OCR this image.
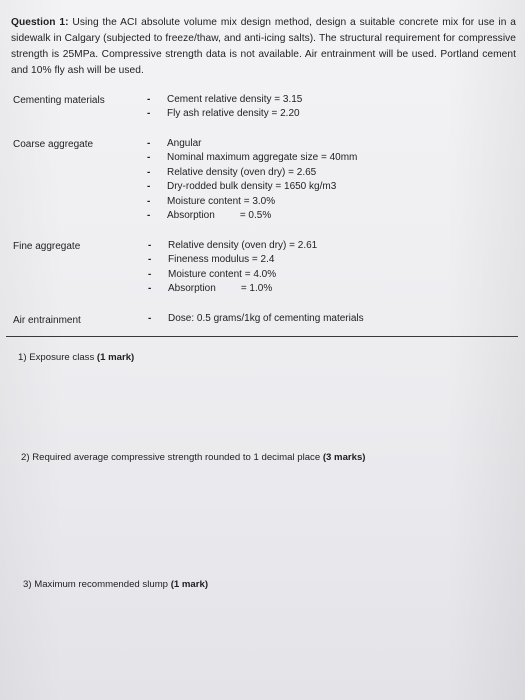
Question 1: Using the ACI absolute volume mix design method, design a suitable concrete mix for use in a sidewalk in Calgary (subjected to freeze/thaw, and anti-icing salts). The structural requirement for compressive strength is 25MPa. Compressive strength data is not available. Air entrainment will be used. Portland cement and 10% fly ash will be used.
Cementing materials	- Cement relative density = 3.15
- Fly ash relative density = 2.20
Coarse aggregate	- Angular
- Nominal maximum aggregate size = 40mm
- Relative density (oven dry) = 2.65
- Dry-rodded bulk density = 1650 kg/m3
- Moisture content = 3.0%
- Absorption         = 0.5%
Fine aggregate	- Relative density (oven dry) = 2.61
- Fineness modulus = 2.4
- Moisture content = 4.0%
- Absorption         = 1.0%
Air entrainment	- Dose: 0.5 grams/1kg of cementing materials
1) Exposure class (1 mark)
2) Required average compressive strength rounded to 1 decimal place (3 marks)
3) Maximum recommended slump (1 mark)
